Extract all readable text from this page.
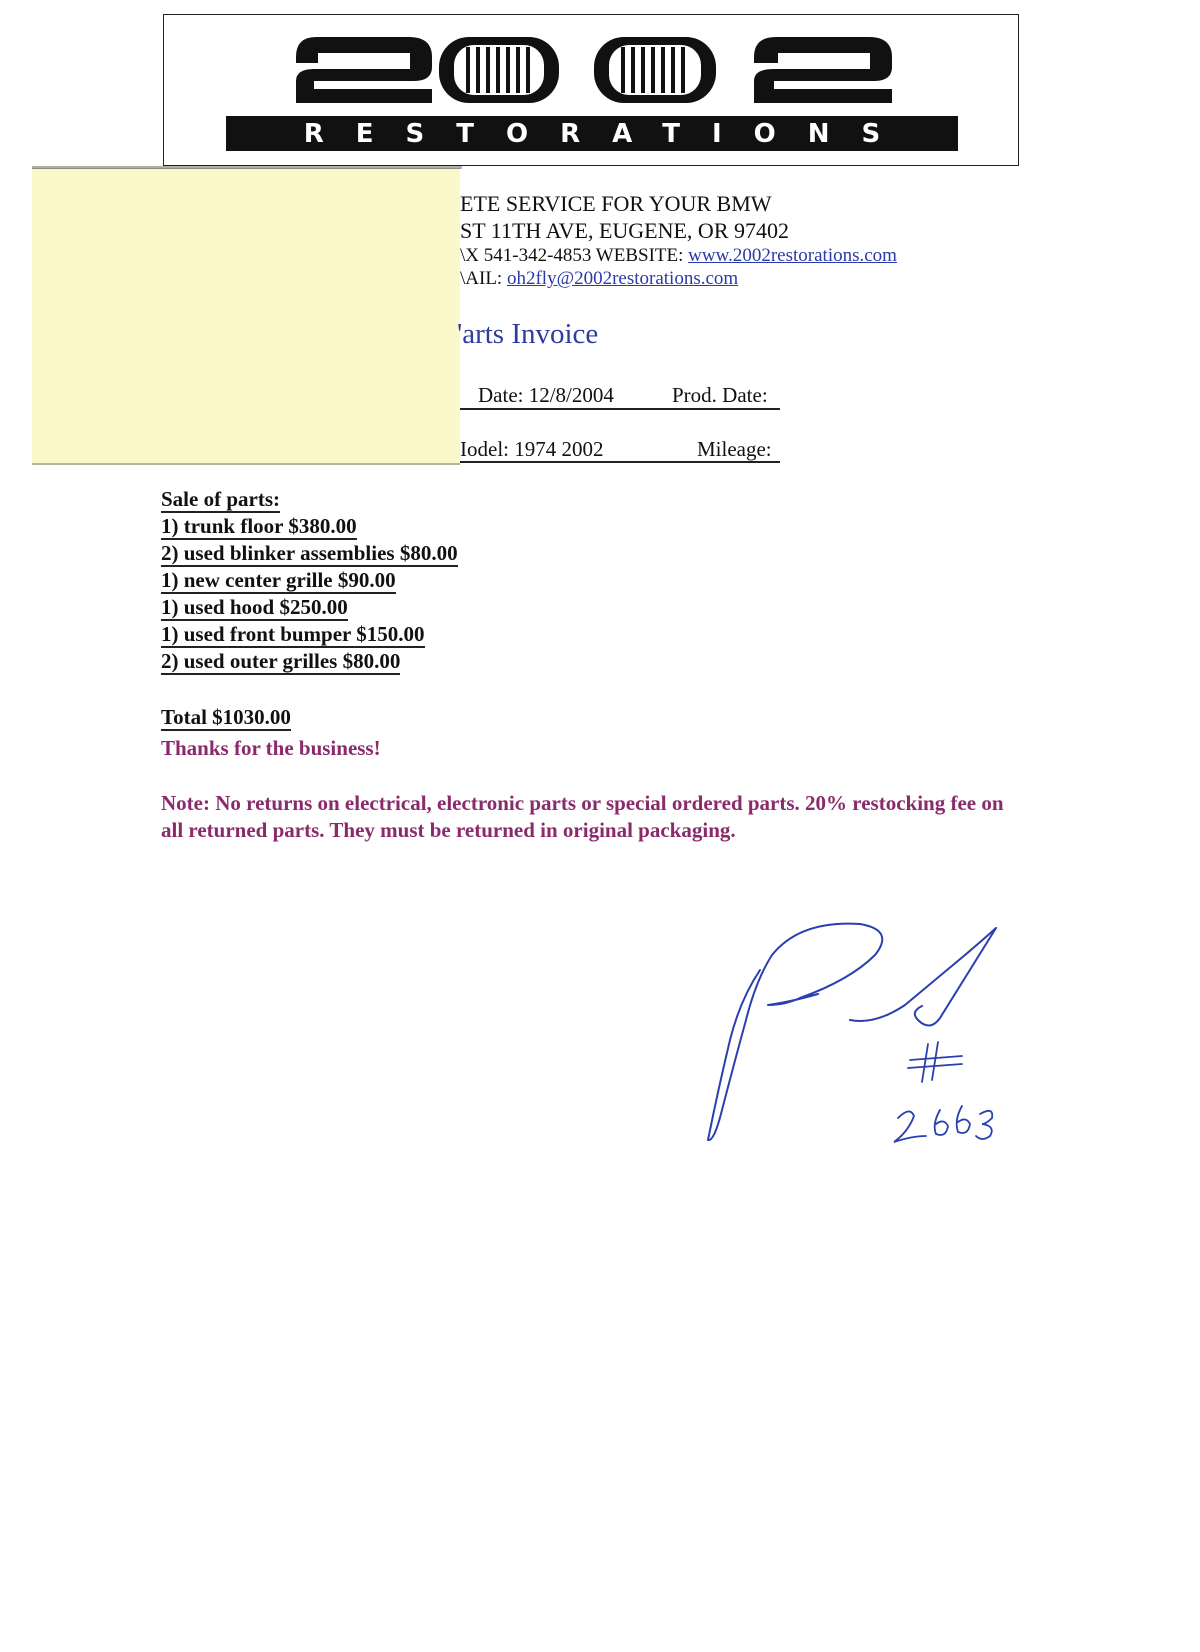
RESTORATIONS
ETE SERVICE FOR YOUR BMW
ST 11TH AVE, EUGENE, OR 97402
\X 541-342-4853 WEBSITE: www.2002restorations.com
\AIL: oh2fly@2002restorations.com
'arts Invoice
Date: 12/8/2004	Prod. Date:
Iodel: 1974 2002	Mileage:
Sale of parts:
1) trunk floor $380.00
2) used blinker assemblies $80.00
1) new center grille $90.00
1) used hood $250.00
1) used front bumper $150.00
2) used outer grilles $80.00
Total $1030.00
Thanks for the business!
Note: No returns on electrical, electronic parts or special ordered parts. 20% restocking fee on all returned parts. They must be returned in original packaging.
